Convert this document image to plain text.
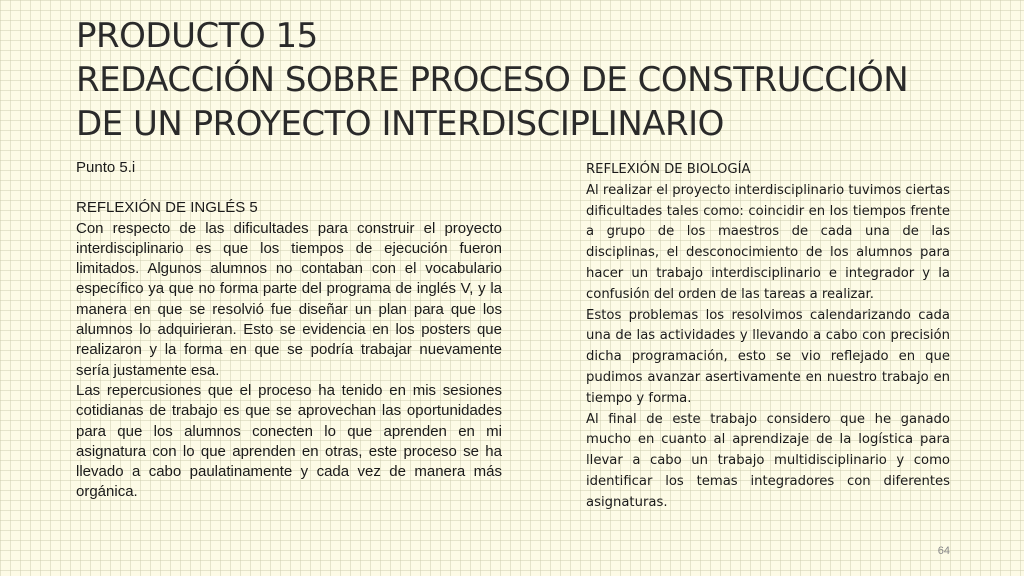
PRODUCTO 15
REDACCIÓN SOBRE PROCESO DE CONSTRUCCIÓN
DE UN PROYECTO INTERDISCIPLINARIO

Punto 5.i

REFLEXIÓN DE INGLÉS 5

Con respecto de las dificultades para construir el proyecto interdisciplinario es que los tiempos de ejecución fueron limitados. Algunos alumnos no contaban con el vocabulario específico ya que no forma parte del programa de inglés V, y la manera en que se resolvió fue diseñar un plan para que los alumnos lo adquirieran. Esto se evidencia en los posters que realizaron y la forma en que se podría trabajar nuevamente sería justamente esa.

Las repercusiones que el proceso ha tenido en mis sesiones cotidianas de trabajo es que se aprovechan las oportunidades para que los alumnos conecten lo que aprenden en mi asignatura con lo que aprenden en otras, este proceso se ha llevado a cabo paulatinamente y cada vez de manera más orgánica.

REFLEXIÓN DE BIOLOGÍA

Al realizar el proyecto interdisciplinario tuvimos ciertas dificultades tales como: coincidir en los tiempos frente a grupo de los maestros de cada una de las disciplinas, el desconocimiento de los alumnos para hacer un trabajo interdisciplinario e integrador y la confusión del orden de las tareas a realizar.

Estos problemas los resolvimos calendarizando cada una de las actividades y llevando a cabo con precisión dicha programación, esto se vio reflejado en que pudimos avanzar asertivamente en nuestro trabajo en tiempo y forma.

Al final de este trabajo considero que he ganado mucho en cuanto al aprendizaje de la logística para llevar a cabo un trabajo multidisciplinario y como identificar los temas integradores con diferentes asignaturas.

64
